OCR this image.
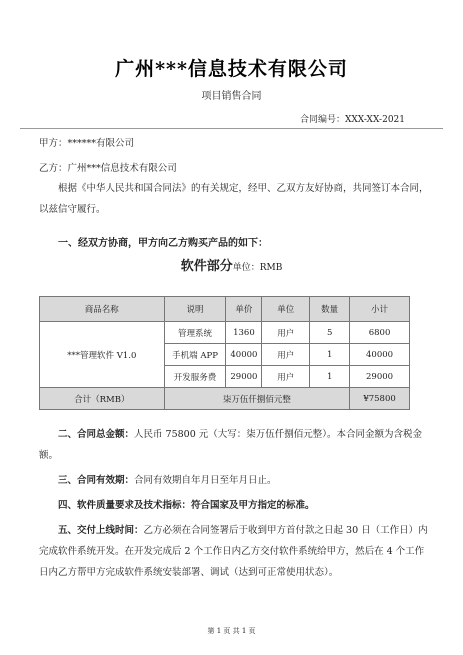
广州***信息技术有限公司
项目销售合同
合同编号：XXX-XX-2021
甲方：******有限公司
乙方：广州***信息技术有限公司
根据《中华人民共和国合同法》的有关规定，经甲、乙双方友好协商，共同签订本合同，以兹信守履行。
一、经双方协商，甲方向乙方购买产品的如下：
软件部分单位：RMB
商品名称	说明	单价	单位	数量	小计
***管理软件 V1.0	管理系统	1360	用户	5	6800
	手机端 APP	40000	用户	1	40000
	开发服务费	29000	用户	1	29000
合计（RMB）	柒万伍仟捌佰元整				¥75800
二、合同总金额：人民币 75800 元（大写：柒万伍仟捌佰元整）。本合同金额为含税金额。
三、合同有效期：合同有效期自年月日至年月日止。
四、软件质量要求及技术指标：符合国家及甲方指定的标准。
五、交付上线时间：乙方必须在合同签署后于收到甲方首付款之日起 30 日（工作日）内完成软件系统开发。在开发完成后 2 个工作日内乙方交付软件系统给甲方，然后在 4 个工作日内乙方帮甲方完成软件系统安装部署、调试（达到可正常使用状态）。
第 1 页 共 1 页
